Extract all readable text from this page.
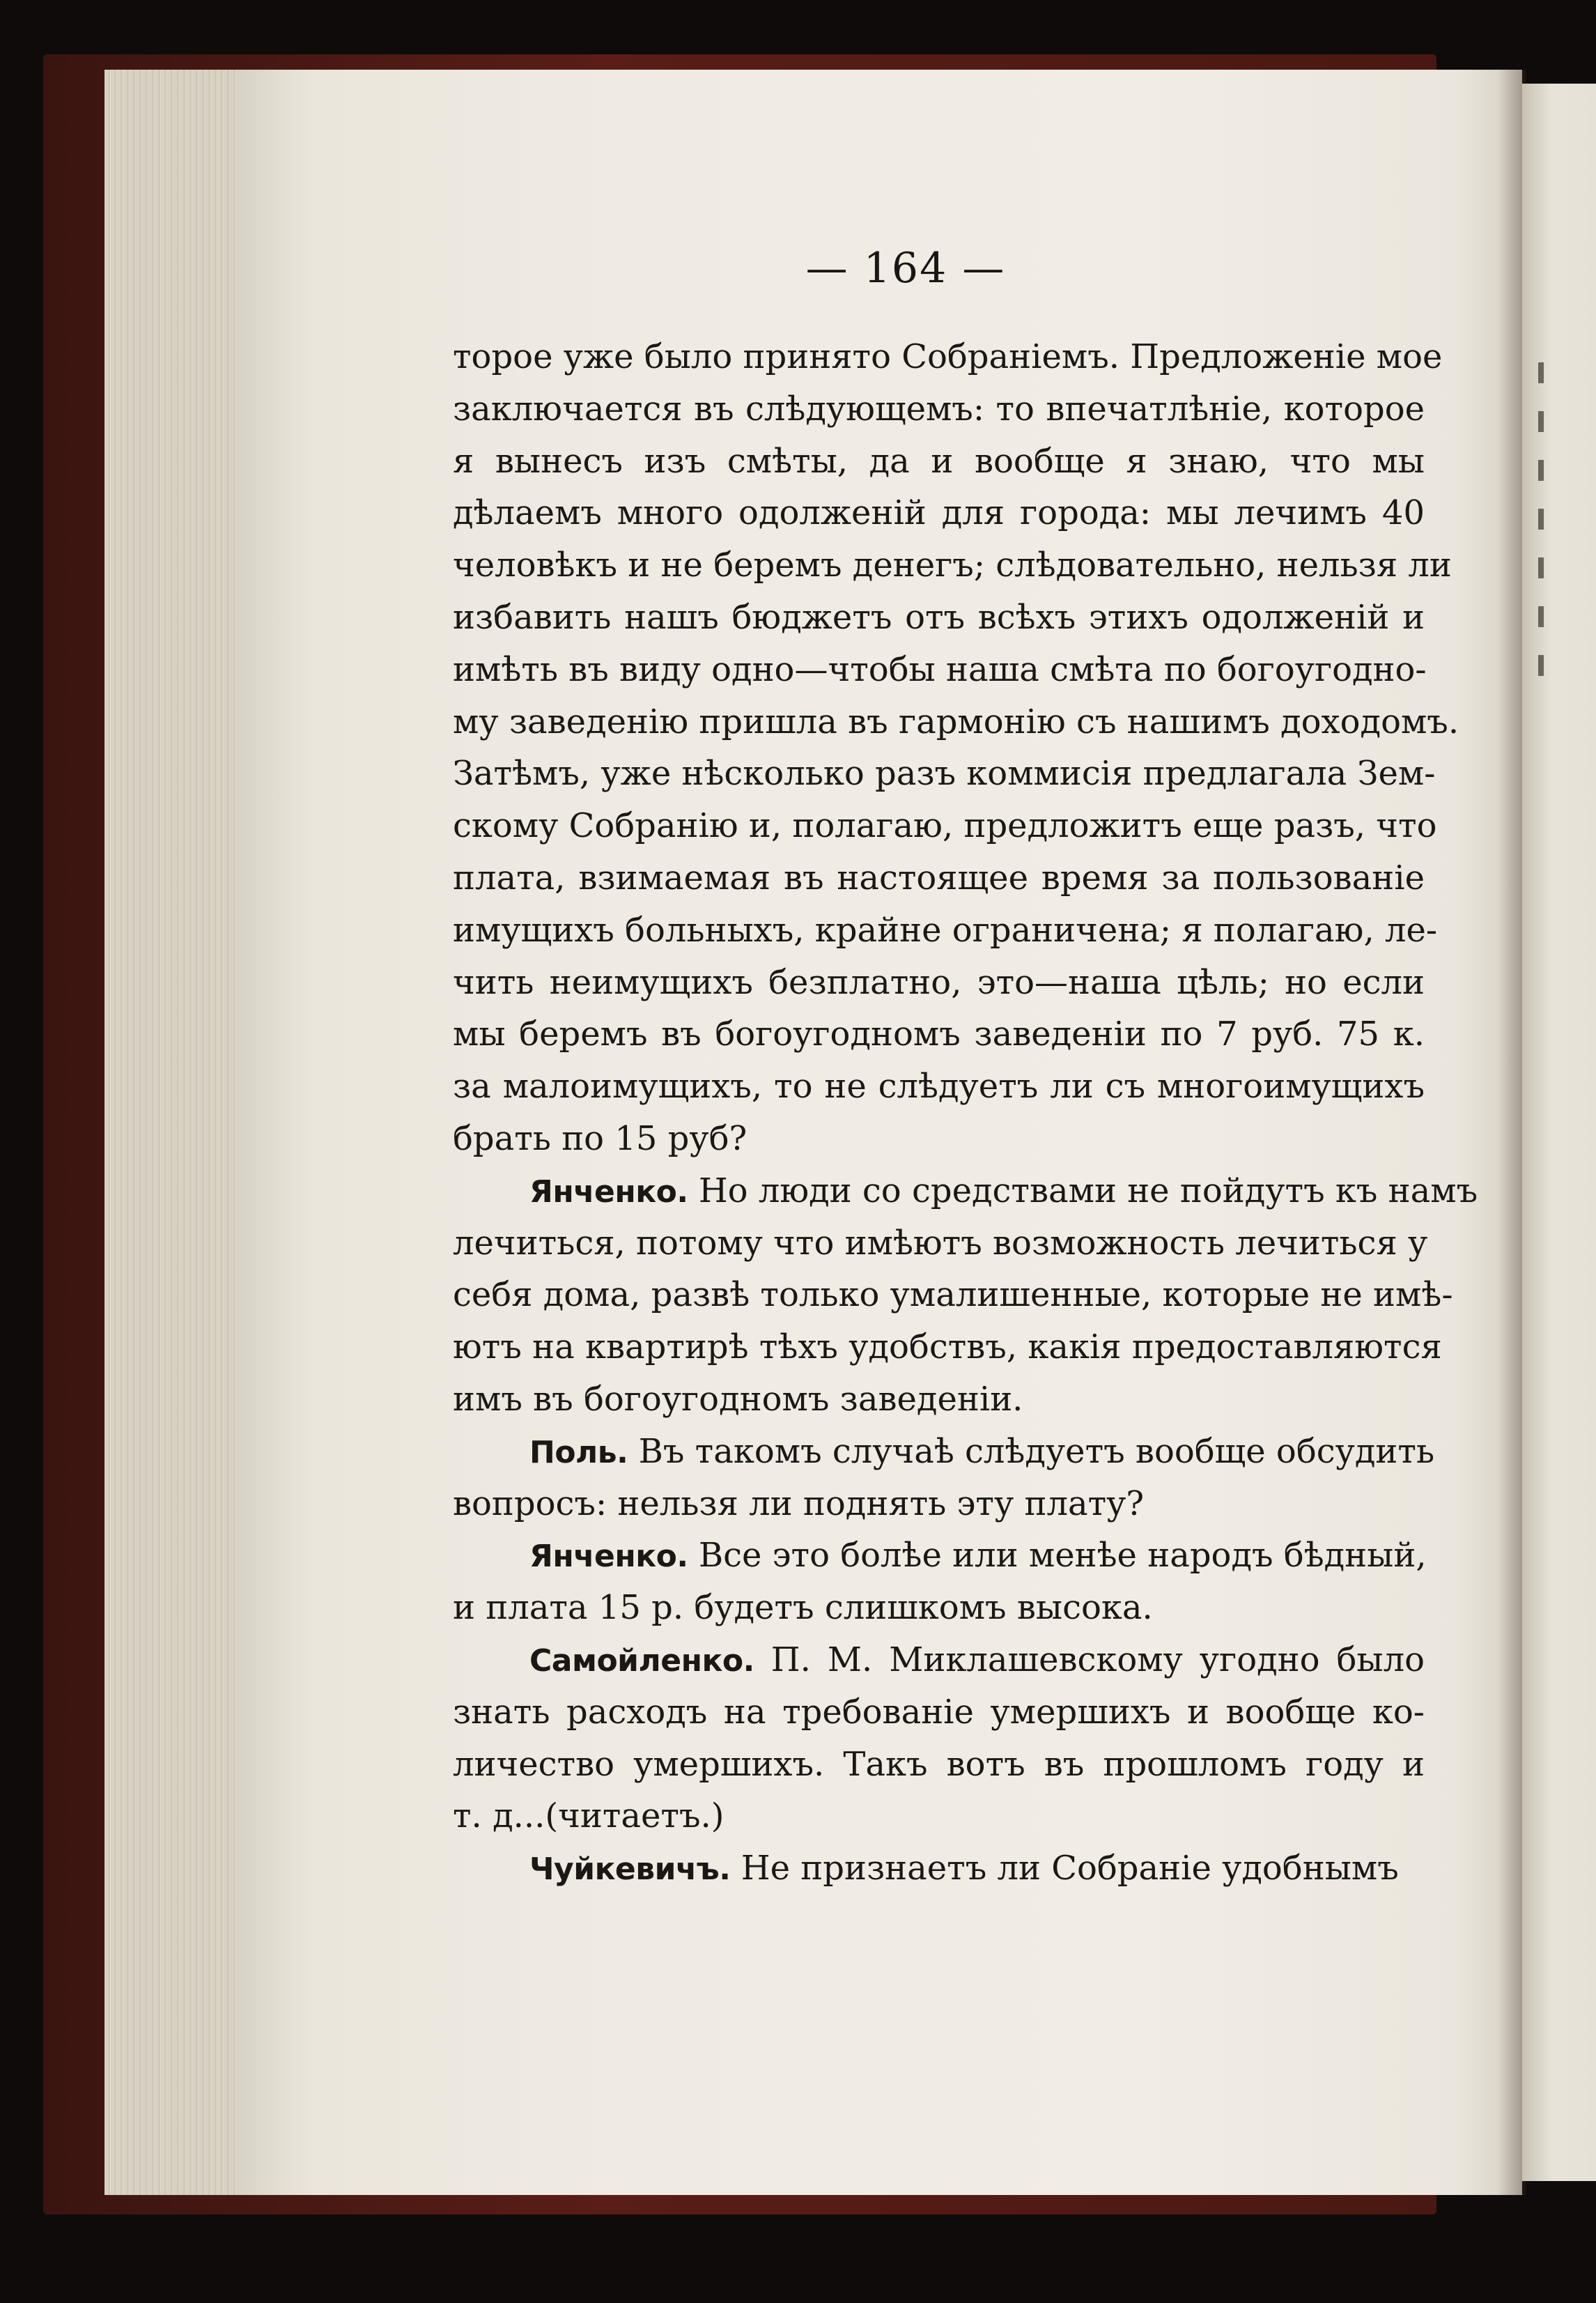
— 164 —
торое уже было принято Собраніемъ. Предложеніе мое
заключается въ слѣдующемъ: то впечатлѣніе, которое
я вынесъ изъ смѣты, да и вообще я знаю, что мы
дѣлаемъ много одолженій для города: мы лечимъ 40
человѣкъ и не беремъ денегъ; слѣдовательно, нельзя ли
избавить нашъ бюджетъ отъ всѣхъ этихъ одолженій и
имѣть въ виду одно—чтобы наша смѣта по богоугодно-
му заведенію пришла въ гармонію съ нашимъ доходомъ.
Затѣмъ, уже нѣсколько разъ коммисія предлагала Зем-
скому Собранію и, полагаю, предложитъ еще разъ, что
плата, взимаемая въ настоящее время за пользованіе
имущихъ больныхъ, крайне ограничена; я полагаю, ле-
чить неимущихъ безплатно, это—наша цѣль; но если
мы беремъ въ богоугодномъ заведеніи по 7 руб. 75 к.
за малоимущихъ, то не слѣдуетъ ли съ многоимущихъ
брать по 15 руб?
Янченко. Но люди со средствами не пойдутъ къ намъ
лечиться, потому что имѣютъ возможность лечиться у
себя дома, развѣ только умалишенные, которые не имѣ-
ютъ на квартирѣ тѣхъ удобствъ, какія предоставляются
имъ въ богоугодномъ заведеніи.
Поль. Въ такомъ случаѣ слѣдуетъ вообще обсудить
вопросъ: нельзя ли поднять эту плату?
Янченко. Все это болѣе или менѣе народъ бѣдный,
и плата 15 р. будетъ слишкомъ высока.
Самойленко. П. М. Миклашевскому угодно было
знать расходъ на требованіе умершихъ и вообще ко-
личество умершихъ. Такъ вотъ въ прошломъ году и
т. д...(читаетъ.)
Чуйкевичъ. Не признаетъ ли Собраніе удобнымъ
